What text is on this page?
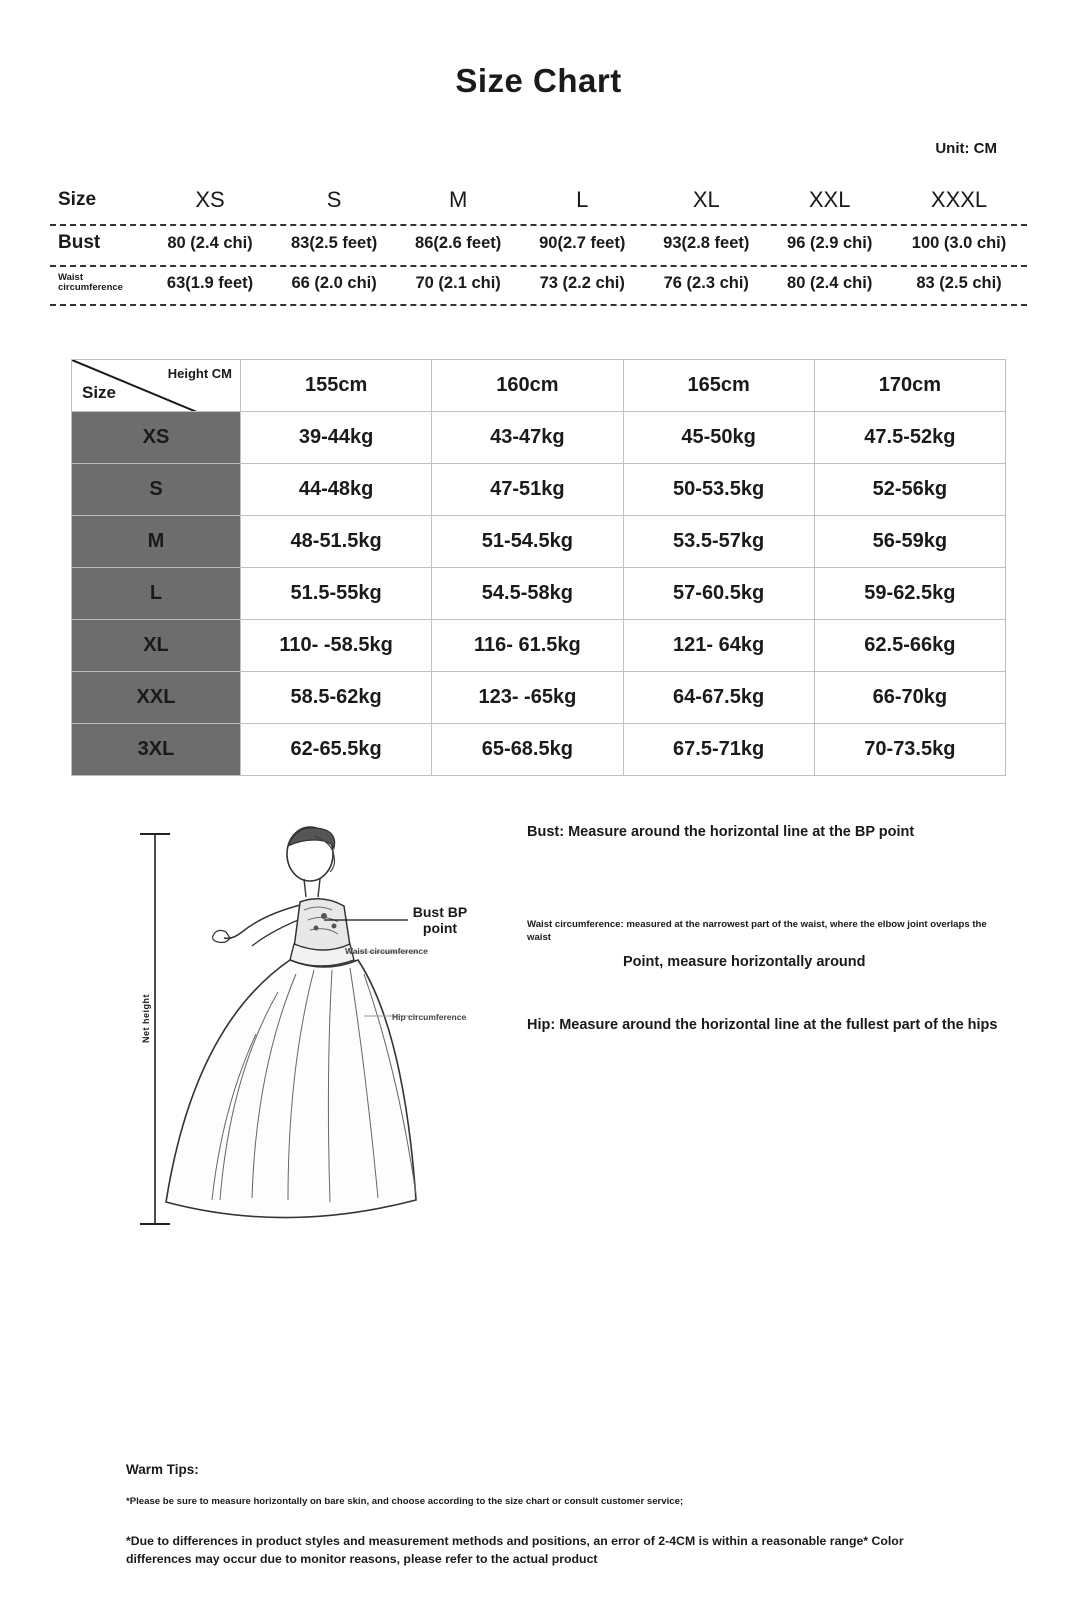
Size Chart
Unit: CM
Size	XS	S	M	L	XL	XXL	XXXL

Bust	80 (2.4 chi)	83(2.5 feet)	86(2.6 feet)	90(2.7 feet)	93(2.8 feet)	96 (2.9 chi)	100 (3.0 chi)

Waist circumference	63(1.9 feet)	66 (2.0 chi)	70 (2.1 chi)	73 (2.2 chi)	76 (2.3 chi)	80 (2.4 chi)	83 (2.5 chi)

Height CM
Size	155cm	160cm	165cm	170cm
XS	39-44kg	43-47kg	45-50kg	47.5-52kg
S	44-48kg	47-51kg	50-53.5kg	52-56kg
M	48-51.5kg	51-54.5kg	53.5-57kg	56-59kg
L	51.5-55kg	54.5-58kg	57-60.5kg	59-62.5kg
XL	110- -58.5kg	116- 61.5kg	121- 64kg	62.5-66kg
XXL	58.5-62kg	123- -65kg	64-67.5kg	66-70kg
3XL	62-65.5kg	65-68.5kg	67.5-71kg	70-73.5kg
Net height
Bust BP point
Waist circumference
Hip circumference
Bust: Measure around the horizontal line at the BP point
Waist circumference: measured at the narrowest part of the waist, where the elbow joint overlaps the waist
Point, measure horizontally around
Hip: Measure around the horizontal line at the fullest part of the hips
Warm Tips:
*Please be sure to measure horizontally on bare skin, and choose according to the size chart or consult customer service;
*Due to differences in product styles and measurement methods and positions, an error of 2-4CM is within a reasonable range* Color differences may occur due to monitor reasons, please refer to the actual product
